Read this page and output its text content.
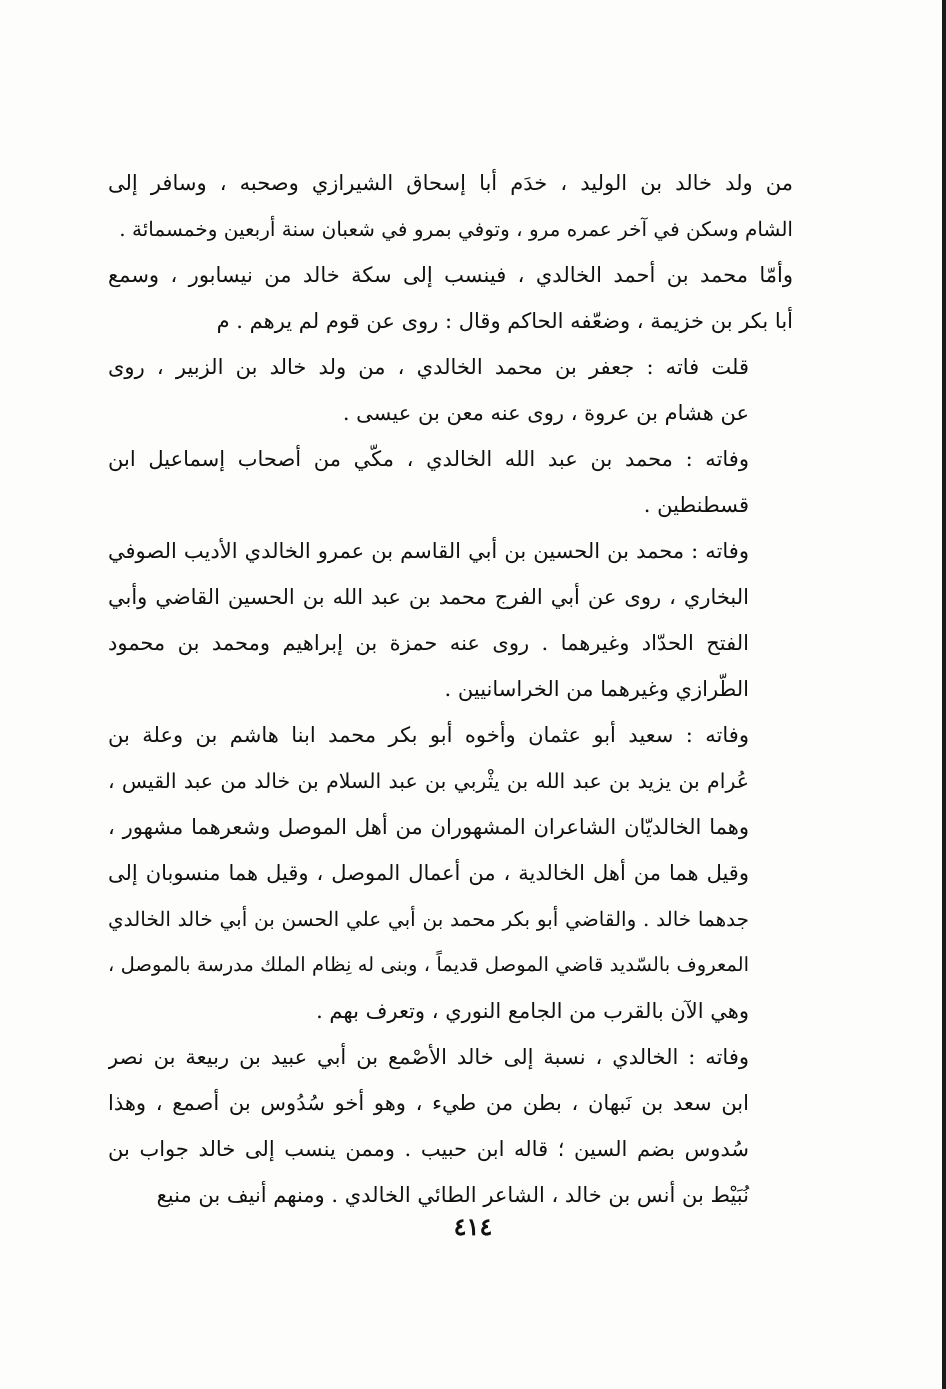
من ولد خالد بن الوليد ، خدَم أبا إسحاق الشيرازي وصحبه ، وسافر إلى
الشام وسكن في آخر عمره مرو ، وتوفي بمرو في شعبان سنة أربعين وخمسمائة .
وأمّا محمد بن أحمد الخالدي ، فينسب إلى سكة خالد من نيسابور ، وسمع
أبا بكر بن خزيمة ، وضعّفه الحاكم وقال : روى عن قوم لم يرهم . م
قلت فاته : جعفر بن محمد الخالدي ، من ولد خالد بن الزبير ، روى
عن هشام بن عروة ، روى عنه معن بن عيسى .
وفاته : محمد بن عبد الله الخالدي ، مكّي من أصحاب إسماعيل ابن
قسطنطين .
وفاته : محمد بن الحسين بن أبي القاسم بن عمرو الخالدي الأديب الصوفي
البخاري ، روى عن أبي الفرج محمد بن عبد الله بن الحسين القاضي وأبي
الفتح الحدّاد وغيرهما . روى عنه حمزة بن إبراهيم ومحمد بن محمود
الطّرازي وغيرهما من الخراسانيين .
وفاته : سعيد أبو عثمان وأخوه أبو بكر محمد ابنا هاشم بن وعلة بن
عُرام بن يزيد بن عبد الله بن يثْربي بن عبد السلام بن خالد من عبد القيس ،
وهما الخالديّان الشاعران المشهوران من أهل الموصل وشعرهما مشهور ،
وقيل هما من أهل الخالدية ، من أعمال الموصل ، وقيل هما منسوبان إلى
جدهما خالد . والقاضي أبو بكر محمد بن أبي علي الحسن بن أبي خالد الخالدي
المعروف بالسّديد قاضي الموصل قديماً ، وبنى له نِظام الملك مدرسة بالموصل ،
وهي الآن بالقرب من الجامع النوري ، وتعرف بهم .
وفاته : الخالدي ، نسبة إلى خالد الأصْمع بن أبي عبيد بن ربيعة بن نصر
ابن سعد بن نَبهان ، بطن من طيء ، وهو أخو سُدُوس بن أصمع ، وهذا
سُدوس بضم السين ؛ قاله ابن حبيب . وممن ينسب إلى خالد جواب بن
نُبَيْط بن أنس بن خالد ، الشاعر الطائي الخالدي . ومنهم أنيف بن منيع
٤١٤
